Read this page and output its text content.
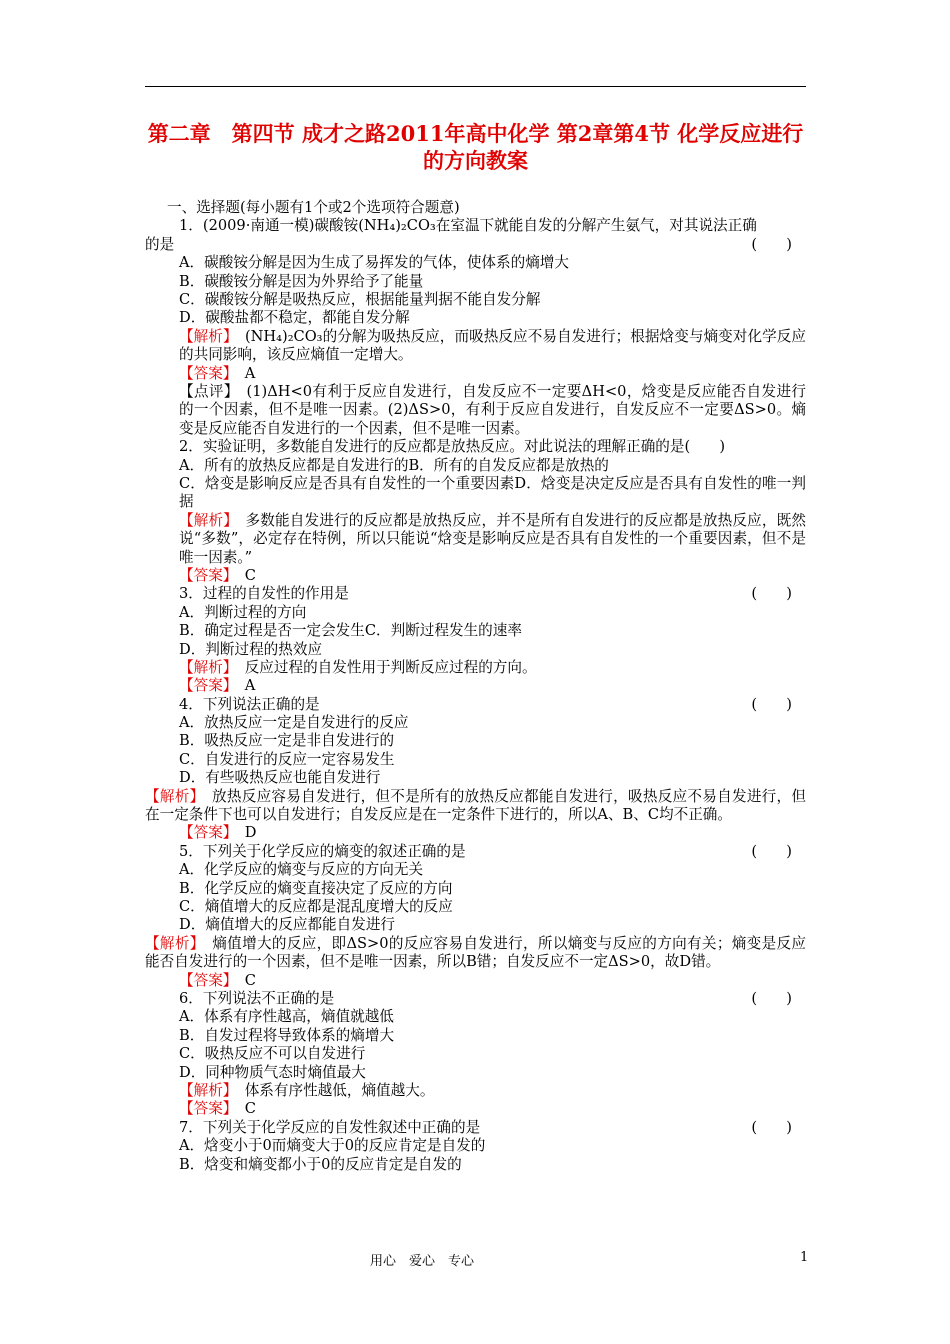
第二章　第四节 成才之路2011年高中化学 第2章第4节 化学反应进行的方向教案
一、选择题(每小题有1个或2个选项符合题意)
1．(2009·南通一模)碳酸铵(NH₄)₂CO₃在室温下就能自发的分解产生氨气，对其说法正确
的是	(　　)
A．碳酸铵分解是因为生成了易挥发的气体，使体系的熵增大
B．碳酸铵分解是因为外界给予了能量
C．碳酸铵分解是吸热反应，根据能量判据不能自发分解
D．碳酸盐都不稳定，都能自发分解
【解析】　 (NH₄)₂CO₃的分解为吸热反应，而吸热反应不易自发进行；根据焓变与熵变对化学反应的共同影响，该反应熵值一定增大。
【答案】　 A
【点评】　 (1)ΔH<0有利于反应自发进行，自发反应不一定要ΔH<0，焓变是反应能否自发进行的一个因素，但不是唯一因素。(2)ΔS>0，有利于反应自发进行，自发反应不一定要ΔS>0。熵变是反应能否自发进行的一个因素，但不是唯一因素。
2．实验证明，多数能自发进行的反应都是放热反应。对此说法的理解正确的是(　　)
A．所有的放热反应都是自发进行的B．所有的自发反应都是放热的
C．焓变是影响反应是否具有自发性的一个重要因素D．焓变是决定反应是否具有自发性的唯一判据
【解析】　 多数能自发进行的反应都是放热反应，并不是所有自发进行的反应都是放热反应，既然说“多数”，必定存在特例，所以只能说“焓变是影响反应是否具有自发性的一个重要因素，但不是唯一因素。”
【答案】　 C
3．过程的自发性的作用是	(　　)
A．判断过程的方向
B．确定过程是否一定会发生C．判断过程发生的速率
D．判断过程的热效应
【解析】　 反应过程的自发性用于判断反应过程的方向。
【答案】　 A
4．下列说法正确的是	(　　)
A．放热反应一定是自发进行的反应
B．吸热反应一定是非自发进行的
C．自发进行的反应一定容易发生
D．有些吸热反应也能自发进行
【解析】　 放热反应容易自发进行，但不是所有的放热反应都能自发进行，吸热反应不易自发进行，但在一定条件下也可以自发进行；自发反应是在一定条件下进行的，所以A、B、C均不正确。
【答案】　 D
5．下列关于化学反应的熵变的叙述正确的是	(　　)
A．化学反应的熵变与反应的方向无关
B．化学反应的熵变直接决定了反应的方向
C．熵值增大的反应都是混乱度增大的反应
D．熵值增大的反应都能自发进行
【解析】　 熵值增大的反应，即ΔS>0的反应容易自发进行，所以熵变与反应的方向有关；熵变是反应能否自发进行的一个因素，但不是唯一因素，所以B错；自发反应不一定ΔS>0，故D错。
【答案】　 C
6．下列说法不正确的是	(　　)
A．体系有序性越高，熵值就越低
B．自发过程将导致体系的熵增大
C．吸热反应不可以自发进行
D．同种物质气态时熵值最大
【解析】　 体系有序性越低，熵值越大。
【答案】　 C
7．下列关于化学反应的自发性叙述中正确的是	(　　)
A．焓变小于0而熵变大于0的反应肯定是自发的
B．焓变和熵变都小于0的反应肯定是自发的
用心　爱心　专心	1
